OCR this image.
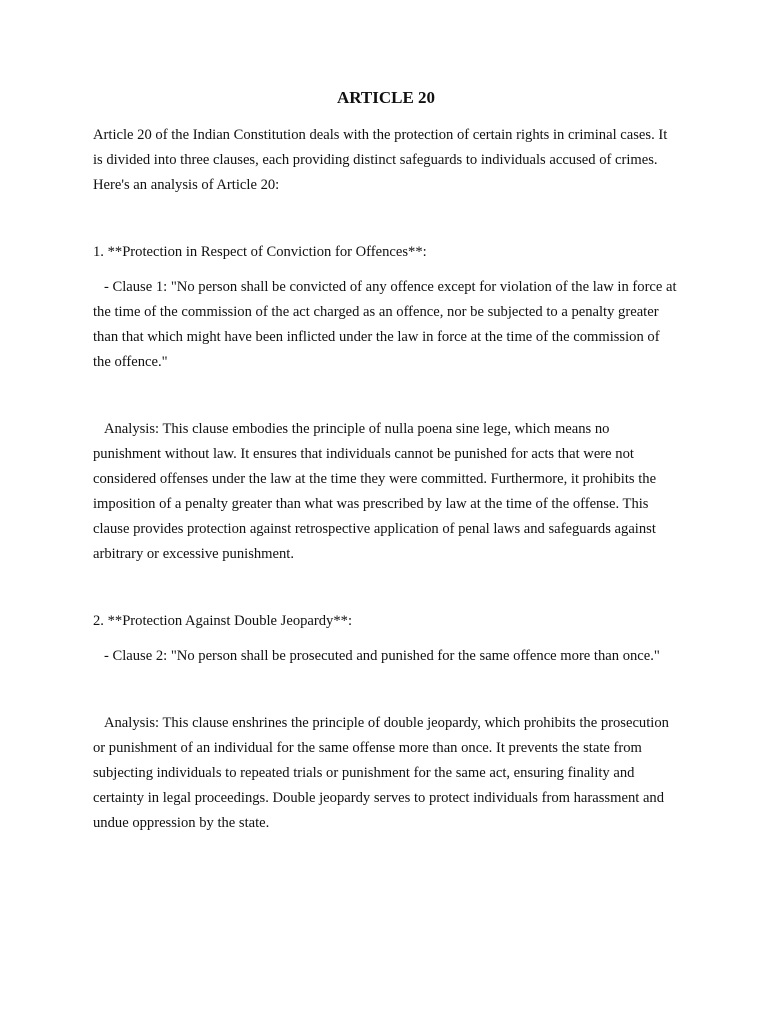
ARTICLE 20

Article 20 of the Indian Constitution deals with the protection of certain rights in criminal cases. It is divided into three clauses, each providing distinct safeguards to individuals accused of crimes. Here's an analysis of Article 20:

1. **Protection in Respect of Conviction for Offences**:

- Clause 1: "No person shall be convicted of any offence except for violation of the law in force at the time of the commission of the act charged as an offence, nor be subjected to a penalty greater than that which might have been inflicted under the law in force at the time of the commission of the offence."

Analysis: This clause embodies the principle of nulla poena sine lege, which means no punishment without law. It ensures that individuals cannot be punished for acts that were not considered offenses under the law at the time they were committed. Furthermore, it prohibits the imposition of a penalty greater than what was prescribed by law at the time of the offense. This clause provides protection against retrospective application of penal laws and safeguards against arbitrary or excessive punishment.

2. **Protection Against Double Jeopardy**:

- Clause 2: "No person shall be prosecuted and punished for the same offence more than once."

Analysis: This clause enshrines the principle of double jeopardy, which prohibits the prosecution or punishment of an individual for the same offense more than once. It prevents the state from subjecting individuals to repeated trials or punishment for the same act, ensuring finality and certainty in legal proceedings. Double jeopardy serves to protect individuals from harassment and undue oppression by the state.
